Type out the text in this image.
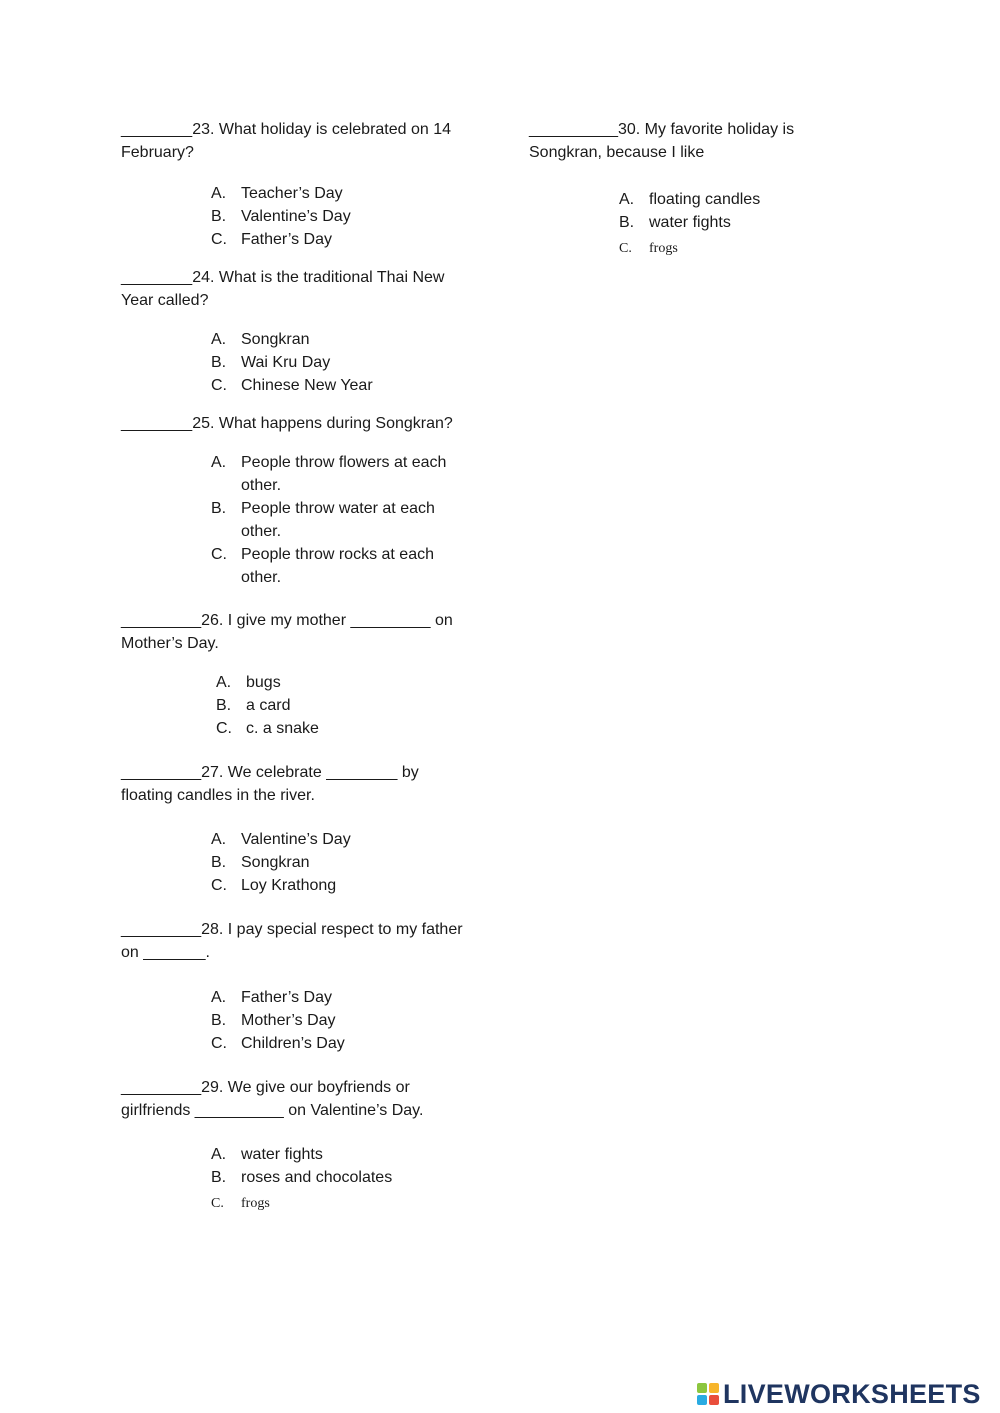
________23. What holiday is celebrated on 14 February?

A. Teacher’s Day
B. Valentine’s Day
C. Father’s Day

________24. What is the traditional Thai New Year called?

A. Songkran
B. Wai Kru Day
C. Chinese New Year

________25. What happens during Songkran?

A. People throw flowers at each other.
B. People throw water at each other.
C. People throw rocks at each other.

_________26. I give my mother _________ on Mother’s Day.

A. bugs
B. a card
C. c. a snake

_________27. We celebrate ________ by floating candles in the river.

A. Valentine’s Day
B. Songkran
C. Loy Krathong

_________28. I pay special respect to my father on _______.

A. Father’s Day
B. Mother’s Day
C. Children’s Day

_________29. We give our boyfriends or girlfriends __________ on Valentine’s Day.

A. water fights
B. roses and chocolates
C. frogs

__________30. My favorite holiday is Songkran, because I like

A. floating candles
B. water fights
C. frogs
LIVEWORKSHEETS
